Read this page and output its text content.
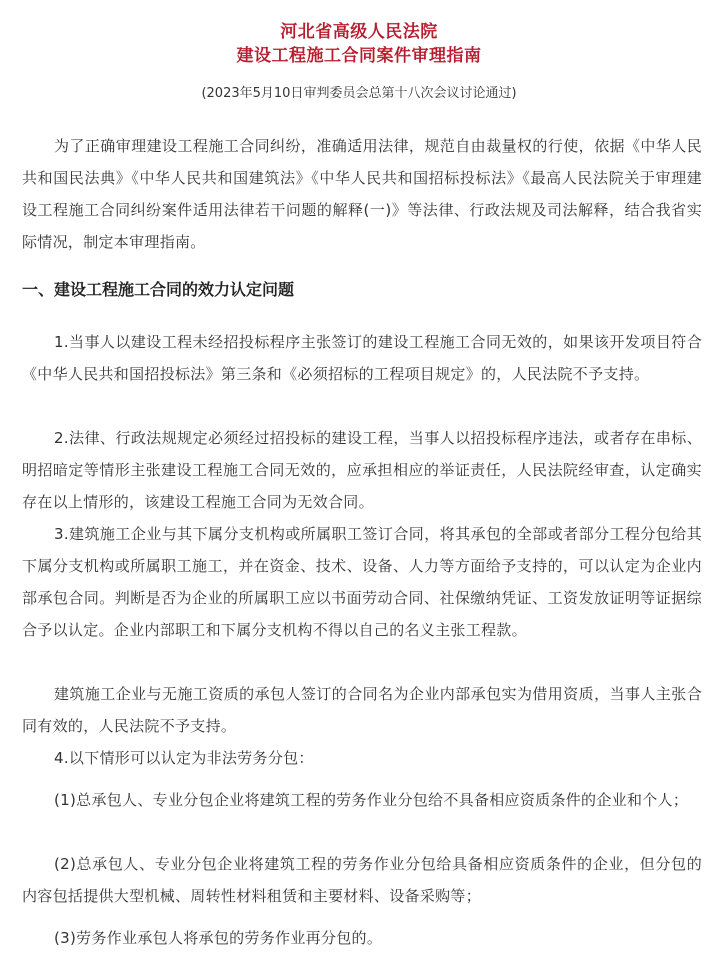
河北省高级人民法院
建设工程施工合同案件审理指南
(2023年5月10日审判委员会总第十八次会议讨论通过)

为了正确审理建设工程施工合同纠纷，准确适用法律，规范自由裁量权的行使，依据《中华人民共和国民法典》《中华人民共和国建筑法》《中华人民共和国招标投标法》《最高人民法院关于审理建设工程施工合同纠纷案件适用法律若干问题的解释(一)》等法律、行政法规及司法解释，结合我省实际情况，制定本审理指南。

一、建设工程施工合同的效力认定问题

1.当事人以建设工程未经招投标程序主张签订的建设工程施工合同无效的，如果该开发项目符合《中华人民共和国招投标法》第三条和《必须招标的工程项目规定》的，人民法院不予支持。

2.法律、行政法规规定必须经过招投标的建设工程，当事人以招投标程序违法，或者存在串标、明招暗定等情形主张建设工程施工合同无效的，应承担相应的举证责任，人民法院经审查，认定确实存在以上情形的，该建设工程施工合同为无效合同。

3.建筑施工企业与其下属分支机构或所属职工签订合同，将其承包的全部或者部分工程分包给其下属分支机构或所属职工施工，并在资金、技术、设备、人力等方面给予支持的，可以认定为企业内部承包合同。判断是否为企业的所属职工应以书面劳动合同、社保缴纳凭证、工资发放证明等证据综合予以认定。企业内部职工和下属分支机构不得以自己的名义主张工程款。

建筑施工企业与无施工资质的承包人签订的合同名为企业内部承包实为借用资质，当事人主张合同有效的，人民法院不予支持。

4.以下情形可以认定为非法劳务分包：

(1)总承包人、专业分包企业将建筑工程的劳务作业分包给不具备相应资质条件的企业和个人；

(2)总承包人、专业分包企业将建筑工程的劳务作业分包给具备相应资质条件的企业，但分包的内容包括提供大型机械、周转性材料租赁和主要材料、设备采购等；

(3)劳务作业承包人将承包的劳务作业再分包的。
